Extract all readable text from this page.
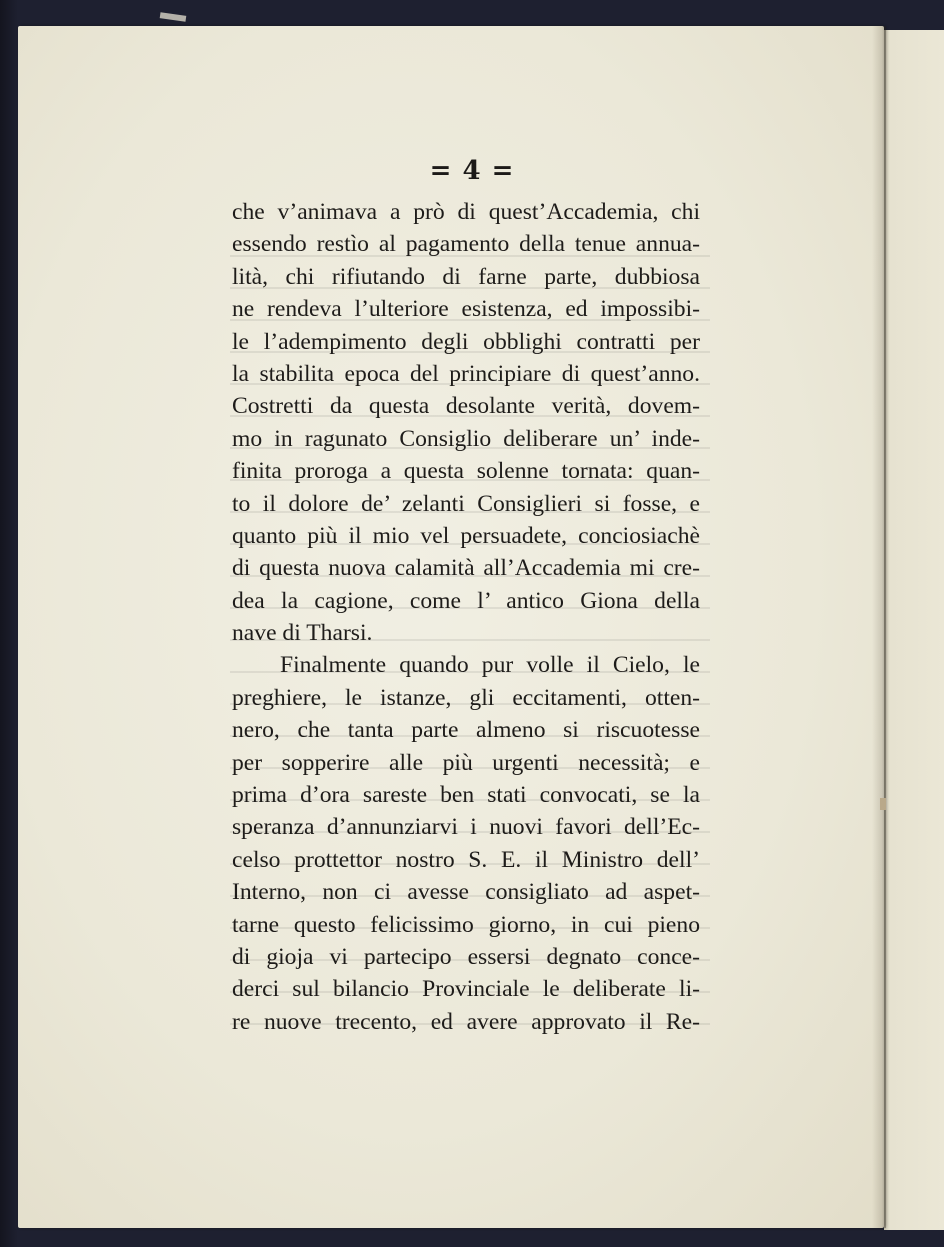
= 4 =
che v’animava a prò di quest’Accademia, chi
essendo restìo al pagamento della tenue annua-
lità, chi rifiutando di farne parte, dubbiosa
ne rendeva l’ulteriore esistenza, ed impossibi-
le l’adempimento degli obblighi contratti per
la stabilita epoca del principiare di quest’anno.
Costretti da questa desolante verità, dovem-
mo in ragunato Consiglio deliberare un’ inde-
finita proroga a questa solenne tornata: quan-
to il dolore de’ zelanti Consiglieri si fosse, e
quanto più il mio vel persuadete, conciosiachè
di questa nuova calamità all’Accademia mi cre-
dea la cagione, come l’ antico Giona della
nave di Tharsi.
Finalmente quando pur volle il Cielo, le
preghiere, le istanze, gli eccitamenti, otten-
nero, che tanta parte almeno si riscuotesse
per sopperire alle più urgenti necessità; e
prima d’ora sareste ben stati convocati, se la
speranza d’annunziarvi i nuovi favori dell’Ec-
celso prottettor nostro S. E. il Ministro dell’
Interno, non ci avesse consigliato ad aspet-
tarne questo felicissimo giorno, in cui pieno
di gioja vi partecipo essersi degnato conce-
derci sul bilancio Provinciale le deliberate li-
re nuove trecento, ed avere approvato il Re-
